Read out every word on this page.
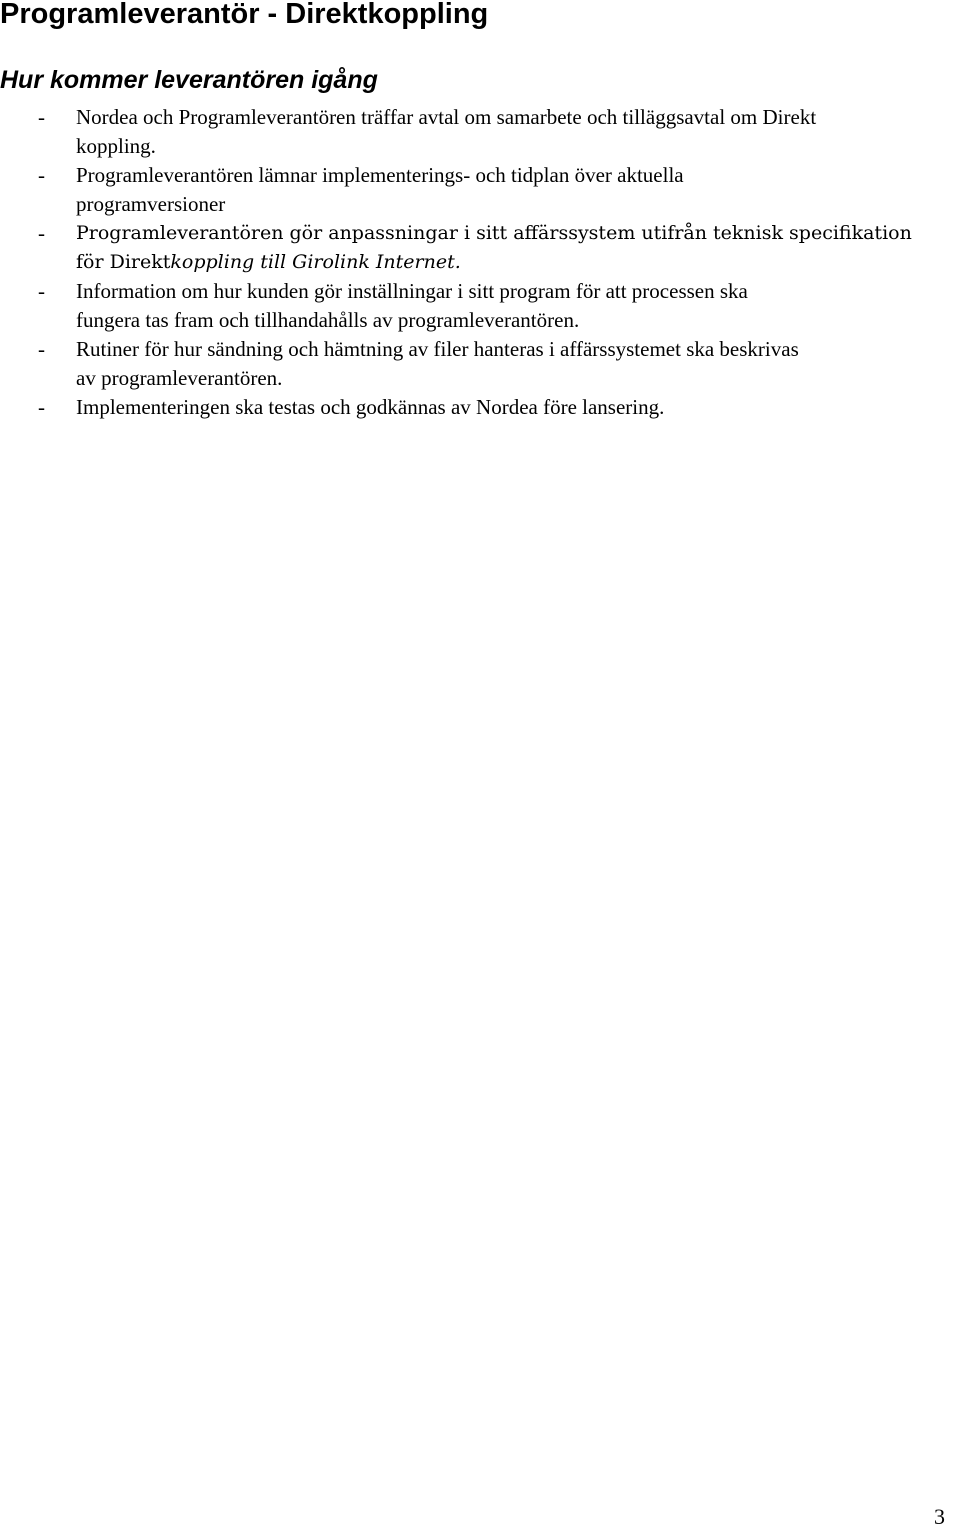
Programleverantör - Direktkoppling
Hur kommer leverantören igång
- Nordea och Programleverantören träffar avtal om samarbete och tilläggsavtal om Direkt
koppling.
- Programleverantören lämnar implementerings- och tidplan över aktuella
programversioner
- Programleverantören gör anpassningar i sitt affärssystem utifrån teknisk specifikation
för Direktkoppling till Girolink Internet.
- Information om hur kunden gör inställningar i sitt program för att processen ska
fungera tas fram och tillhandahålls av programleverantören.
- Rutiner för hur sändning och hämtning av filer hanteras i affärssystemet ska beskrivas
av programleverantören.
- Implementeringen ska testas och godkännas av Nordea före lansering.
3
